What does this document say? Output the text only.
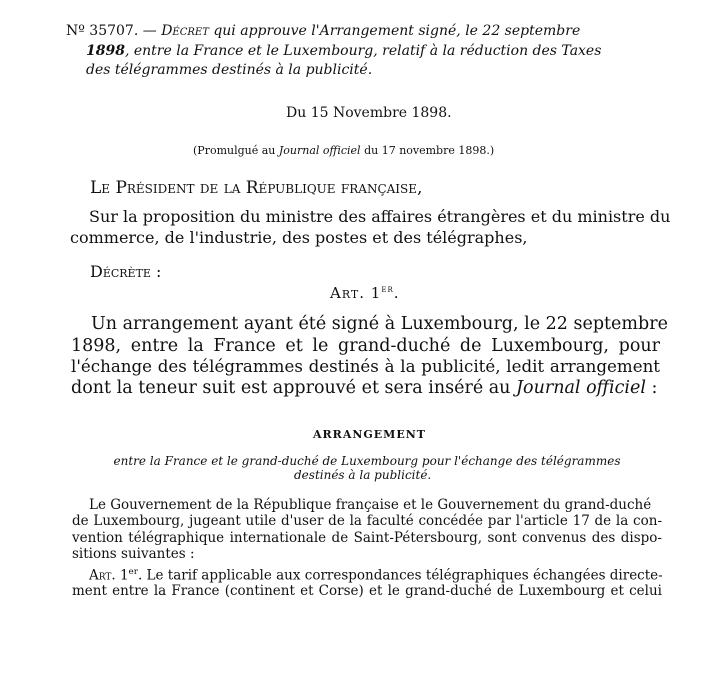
Nº 35707. — Décret qui approuve l'Arrangement signé, le 22 septembre
1898, entre la France et le Luxembourg, relatif à la réduction des Taxes
des télégrammes destinés à la publicité.
Du 15 Novembre 1898.
(Promulgué au Journal officiel du 17 novembre 1898.)
Le Président de la République française,
Sur la proposition du ministre des affaires étrangères et du ministre du
commerce, de l'industrie, des postes et des télégraphes,
Décrète :
Art. 1er.
Un arrangement ayant été signé à Luxembourg, le 22 septembre
1898, entre la France et le grand-duché de Luxembourg, pour
l'échange des télégrammes destinés à la publicité, ledit arrangement
dont la teneur suit est approuvé et sera inséré au Journal officiel :
ARRANGEMENT
entre la France et le grand-duché de Luxembourg pour l'échange des télégrammes
destinés à la publicité.
Le Gouvernement de la République française et le Gouvernement du grand-duché
de Luxembourg, jugeant utile d'user de la faculté concédée par l'article 17 de la con-
vention télégraphique internationale de Saint-Pétersbourg, sont convenus des dispo-
sitions suivantes :
Art. 1er. Le tarif applicable aux correspondances télégraphiques échangées directe-
ment entre la France (continent et Corse) et le grand-duché de Luxembourg et celui
